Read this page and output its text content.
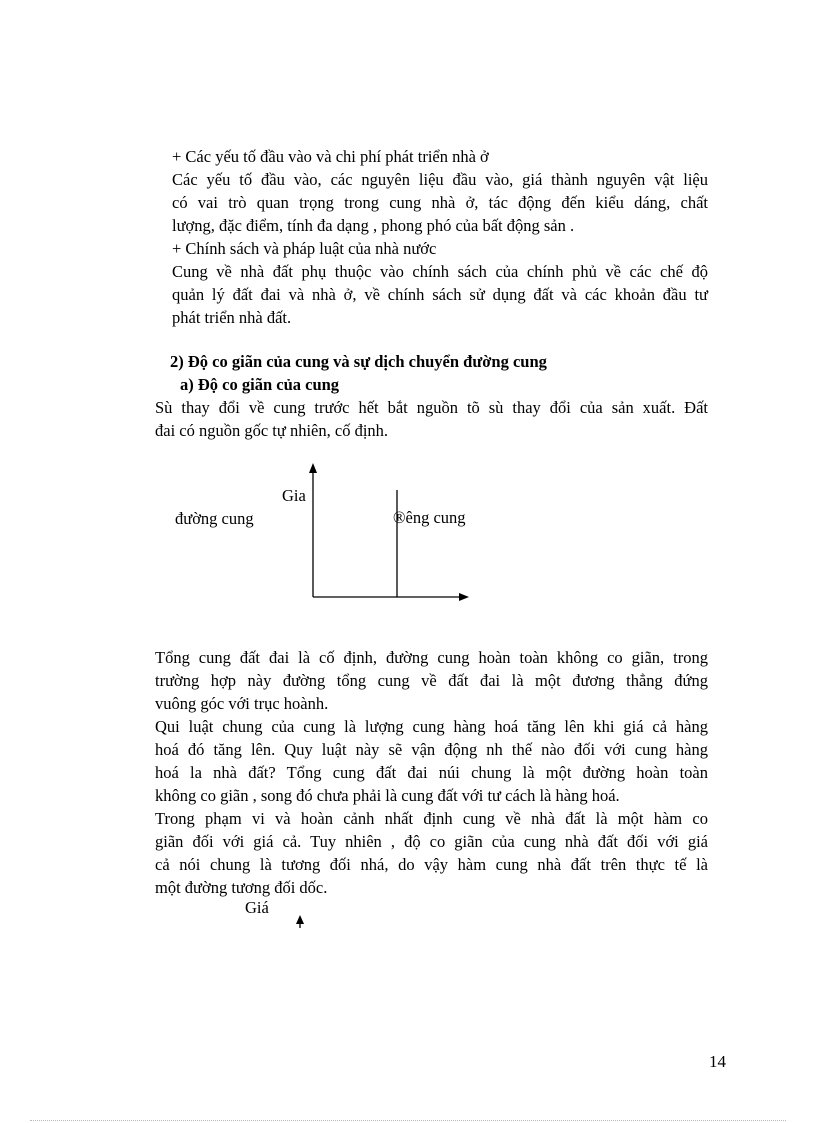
+ Các yếu tố đầu vào và chi phí phát triển nhà ở

Các yếu tố đầu vào, các nguyên liệu đầu vào, giá thành nguyên vật liệu

có vai trò quan trọng trong cung nhà ở, tác động đến kiểu dáng, chất

lượng, đặc điểm, tính đa dạng , phong phó của bất động sản .

+ Chính sách và pháp luật của nhà nước

Cung về nhà đất phụ thuộc vào chính sách của chính phủ về các chế độ

quản lý đất đai và nhà ở, về chính sách sử dụng đất và các khoản đầu tư

phát triển nhà đất.

2) Độ co giãn của cung và sự dịch chuyển đường cung

a) Độ co giãn của cung

Sù thay đổi về cung trước hết bắt nguồn tõ sù thay đổi của sản xuất. Đất

đai có nguồn gốc tự nhiên, cố định.

Gia

đường cung	®êng cung

Tổng cung đất đai là cố định, đường cung hoàn toàn không co giãn, trong

trường hợp này đường tổng cung về đất đai là một đương thẳng đứng

vuông góc với trục hoành.

Qui luật chung của cung là lượng cung hàng hoá tăng lên khi giá cả hàng

hoá đó tăng lên. Quy luật này sẽ vận động nh thế nào đối với cung hàng

hoá la nhà đất? Tổng cung đất đai núi chung là một đường hoàn toàn

không co giãn , song đó chưa phải là cung đất với tư cách là hàng hoá.

Trong phạm vi và hoàn cảnh nhất định cung về nhà đất là một hàm co

giãn đối với giá cả. Tuy nhiên , độ co giãn của cung nhà đất đối với giá

cả nói chung là tương đối nhá, do vậy hàm cung nhà đất trên thực tế là

một đường tương đối dốc.

Giá

14
